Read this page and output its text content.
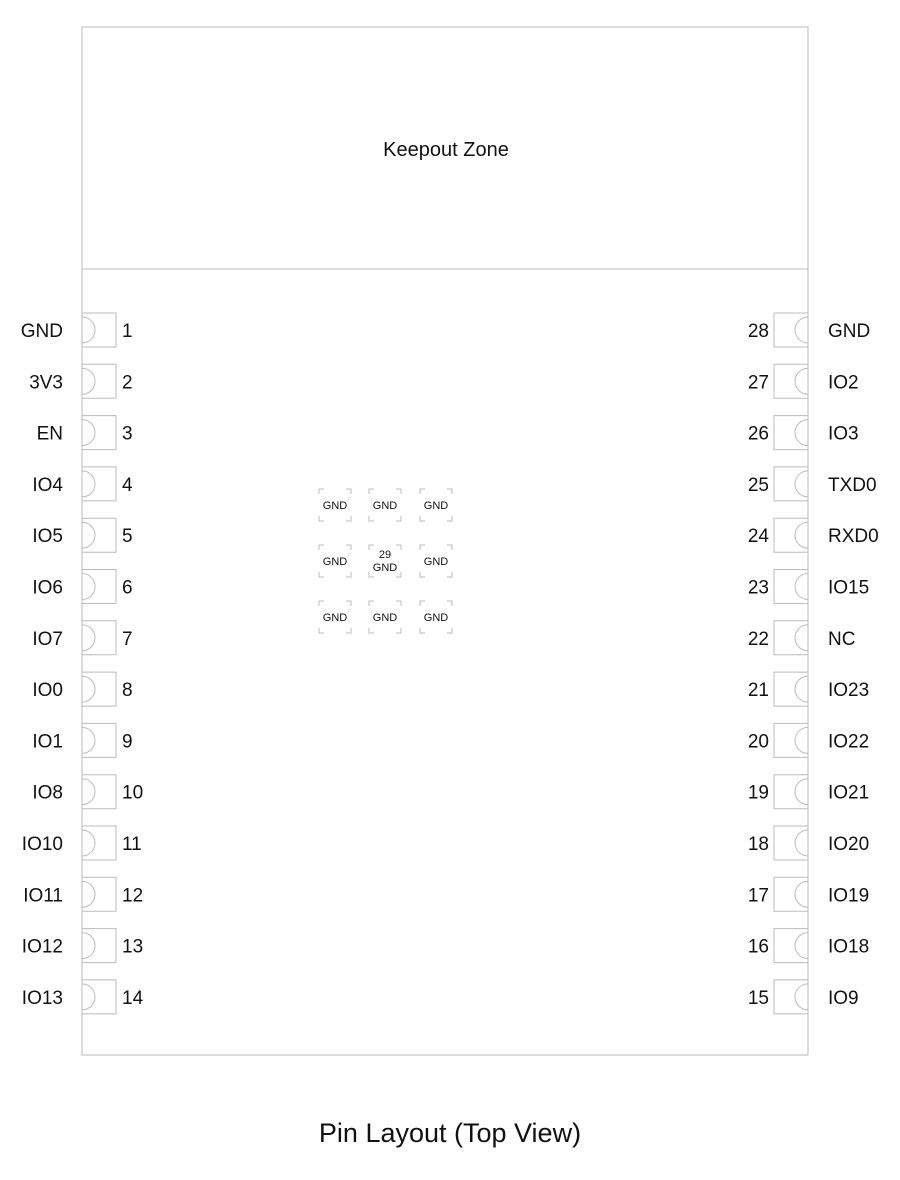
Keepout Zone
GND	1
3V3	2
EN	3
IO4	4
IO5	5
IO6	6
IO7	7
IO0	8
IO1	9
IO8	10
IO10	11
IO11	12
IO12	13
IO13	14
28	GND
27	IO2
26	IO3
25	TXD0
24	RXD0
23	IO15
22	NC
21	IO23
20	IO22
19	IO21
18	IO20
17	IO19
16	IO18
15	IO9
GND GND GND
GND
29
GND GND
GND GND GND
Pin Layout (Top View)
